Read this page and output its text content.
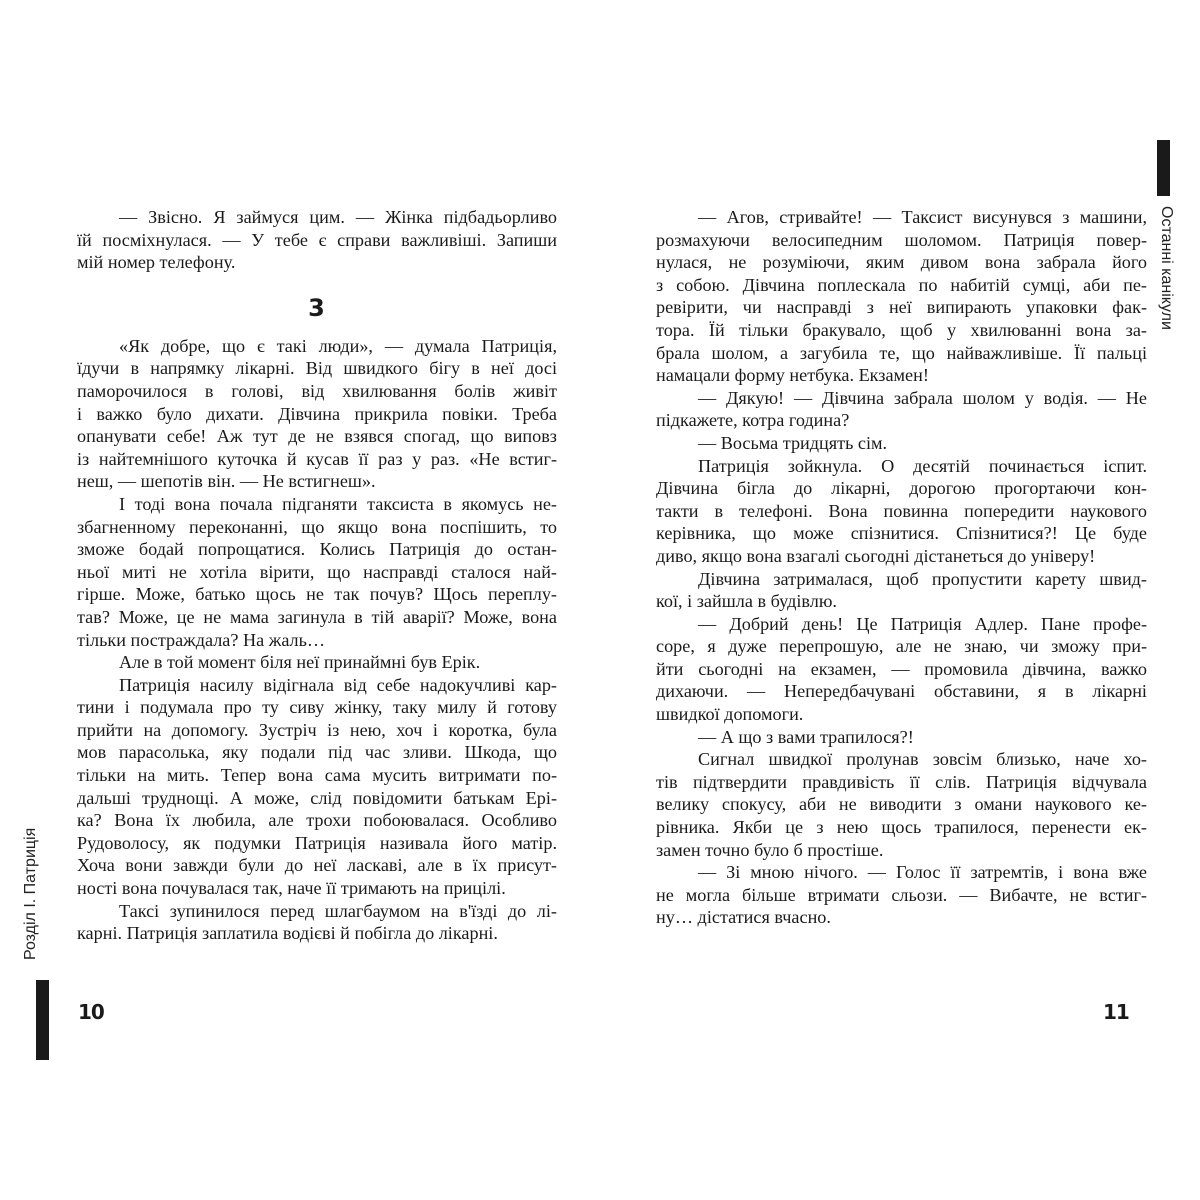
Розділ I. Патриція
— Звісно. Я займуся цим. — Жінка підбадьорливо
їй посміхнулася. — У тебе є справи важливіші. Запиши
мій номер телефону.
3
«Як добре, що є такі люди», — думала Патриція,
їдучи в напрямку лікарні. Від швидкого бігу в неї досі
паморочилося в голові, від хвилювання болів живіт
і важко було дихати. Дівчина прикрила повіки. Треба
опанувати себе! Аж тут де не взявся спогад, що виповз
із найтемнішого куточка й кусав її раз у раз. «Не встиг-
неш, — шепотів він. — Не встигнеш».
І тоді вона почала підганяти таксиста в якомусь не-
збагненному переконанні, що якщо вона поспішить, то
зможе бодай попрощатися. Колись Патриція до остан-
ньої миті не хотіла вірити, що насправді сталося най-
гірше. Може, батько щось не так почув? Щось переплу-
тав? Може, це не мама загинула в тій аварії? Може, вона
тільки постраждала? На жаль…
Але в той момент біля неї принаймні був Ерік.
Патриція насилу відігнала від себе надокучливі кар-
тини і подумала про ту сиву жінку, таку милу й готову
прийти на допомогу. Зустріч із нею, хоч і коротка, була
мов парасолька, яку подали під час зливи. Шкода, що
тільки на мить. Тепер вона сама мусить витримати по-
дальші труднощі. А може, слід повідомити батькам Ері-
ка? Вона їх любила, але трохи побоювалася. Особливо
Рудоволосу, як подумки Патриція називала його матір.
Хоча вони завжди були до неї ласкаві, але в їх присут-
ності вона почувалася так, наче її тримають на прицілі.
Таксі зупинилося перед шлагбаумом на в'їзді до лі-
карні. Патриція заплатила водієві й побігла до лікарні.
10
Останні канікули
— Агов, стривайте! — Таксист висунувся з машини,
розмахуючи велосипедним шоломом. Патриція повер-
нулася, не розуміючи, яким дивом вона забрала його
з собою. Дівчина поплескала по набитій сумці, аби пе-
ревірити, чи насправді з неї випирають упаковки фак-
тора. Їй тільки бракувало, щоб у хвилюванні вона за-
брала шолом, а загубила те, що найважливіше. Її пальці
намацали форму нетбука. Екзамен!
— Дякую! — Дівчина забрала шолом у водія. — Не
підкажете, котра година?
— Восьма тридцять сім.
Патриція зойкнула. О десятій починається іспит.
Дівчина бігла до лікарні, дорогою прогортаючи кон-
такти в телефоні. Вона повинна попередити наукового
керівника, що може спізнитися. Спізнитися?! Це буде
диво, якщо вона взагалі сьогодні дістанеться до універу!
Дівчина затрималася, щоб пропустити карету швид-
кої, і зайшла в будівлю.
— Добрий день! Це Патриція Адлер. Пане профе-
соре, я дуже перепрошую, але не знаю, чи зможу при-
йти сьогодні на екзамен, — промовила дівчина, важко
дихаючи. — Непередбачувані обставини, я в лікарні
швидкої допомоги.
— А що з вами трапилося?!
Сигнал швидкої пролунав зовсім близько, наче хо-
тів підтвердити правдивість її слів. Патриція відчувала
велику спокусу, аби не виводити з омани наукового ке-
рівника. Якби це з нею щось трапилося, перенести ек-
замен точно було б простіше.
— Зі мною нічого. — Голос її затремтів, і вона вже
не могла більше втримати сльози. — Вибачте, не встиг-
ну… дістатися вчасно.
11
